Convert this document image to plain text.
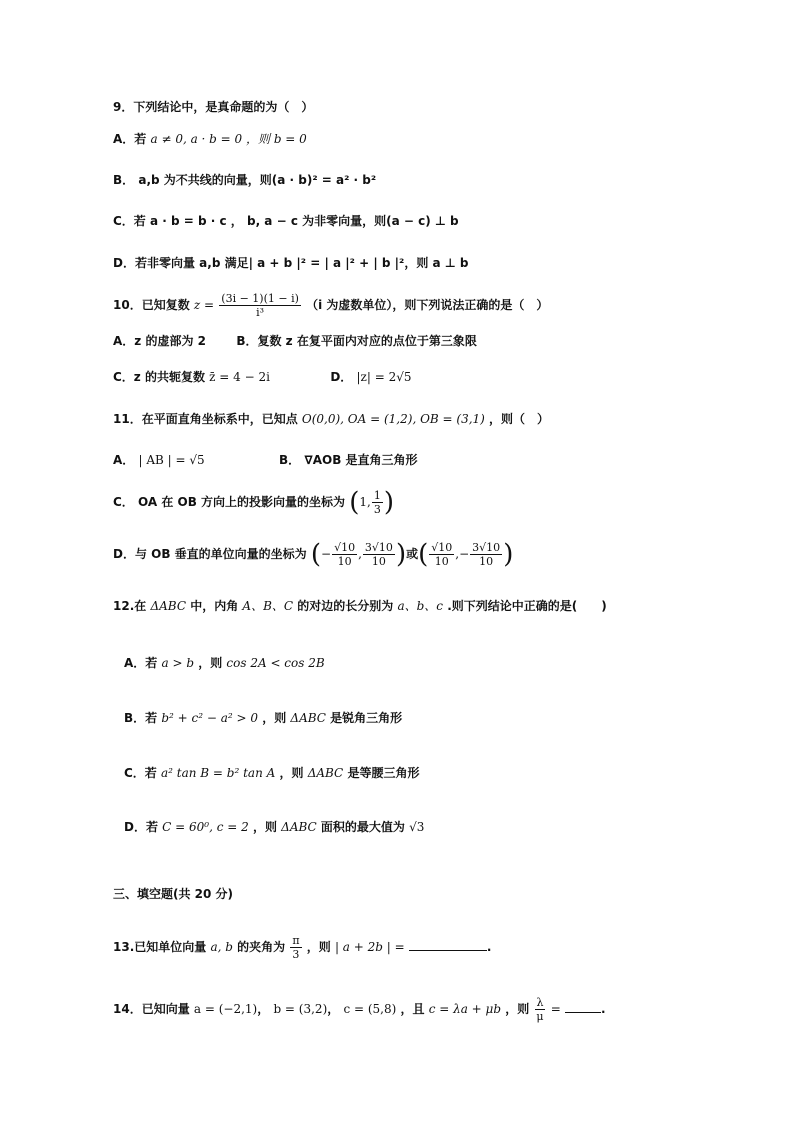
9．下列结论中，是真命题的为（　）
A．若 a ≠ 0, a · b = 0 ，则 b = 0
B． a,b 为不共线的向量，则(a · b)² = a² · b²
C．若 a · b = b · c ， b, a − c 为非零向量，则(a − c) ⊥ b
D．若非零向量 a,b 满足| a + b |² = | a |² + | b |²，则 a ⊥ b
10．已知复数 $z = \frac{(3i - 1)(1 - i)}{\text{i³}} (i$ 为虚数单位），则下列说法正确的是（　）
A．z 的虚部为 2	B．复数 z 在复平面内对应的点位于第三象限
C．z 的共轭复数 z̄ = 4 − 2i	D． |z| = 2√5
11．在平面直角坐标系中，已知点 O(0,0), OA = (1,2), OB = (3,1) ，则（　）
A． | AB | = √5	B． ∇AOB 是直角三角形
C． OA 在 OB 方向上的投影向量的坐标为 (1, $\frac{1}{3}$ )
D．与 OB 垂直的单位向量的坐标为 (− $\frac{√10}{10}$ , $\frac{3√10}{10}$ )或( $\frac{√10}{10}$ ,− $\frac{3√10}{10}$ )
12.在 ΔABC 中，内角 A、B、C 的对边的长分别为 a、b、c .则下列结论中正确的是(　　)
A．若 a > b ，则 cos 2A < cos 2B
B．若 b² + c² − a² > 0 ，则 ΔABC 是锐角三角形
C．若 a² tan B = b² tan A ，则 ΔABC 是等腰三角形
D．若 C = 60⁰, c = 2 ，则 ΔABC 面积的最大值为 √3
三、填空题(共 20 分)
13.已知单位向量 a, b 的夹角为 $\frac{\pi}{3}$ ，则 | a + 2b | =	.
14．已知向量 a = (−2,1)， b = (3,2)， c = (5,8) ，且 c = λa + μb ，则 $\frac{\lambda}{\mu}$ =	.
